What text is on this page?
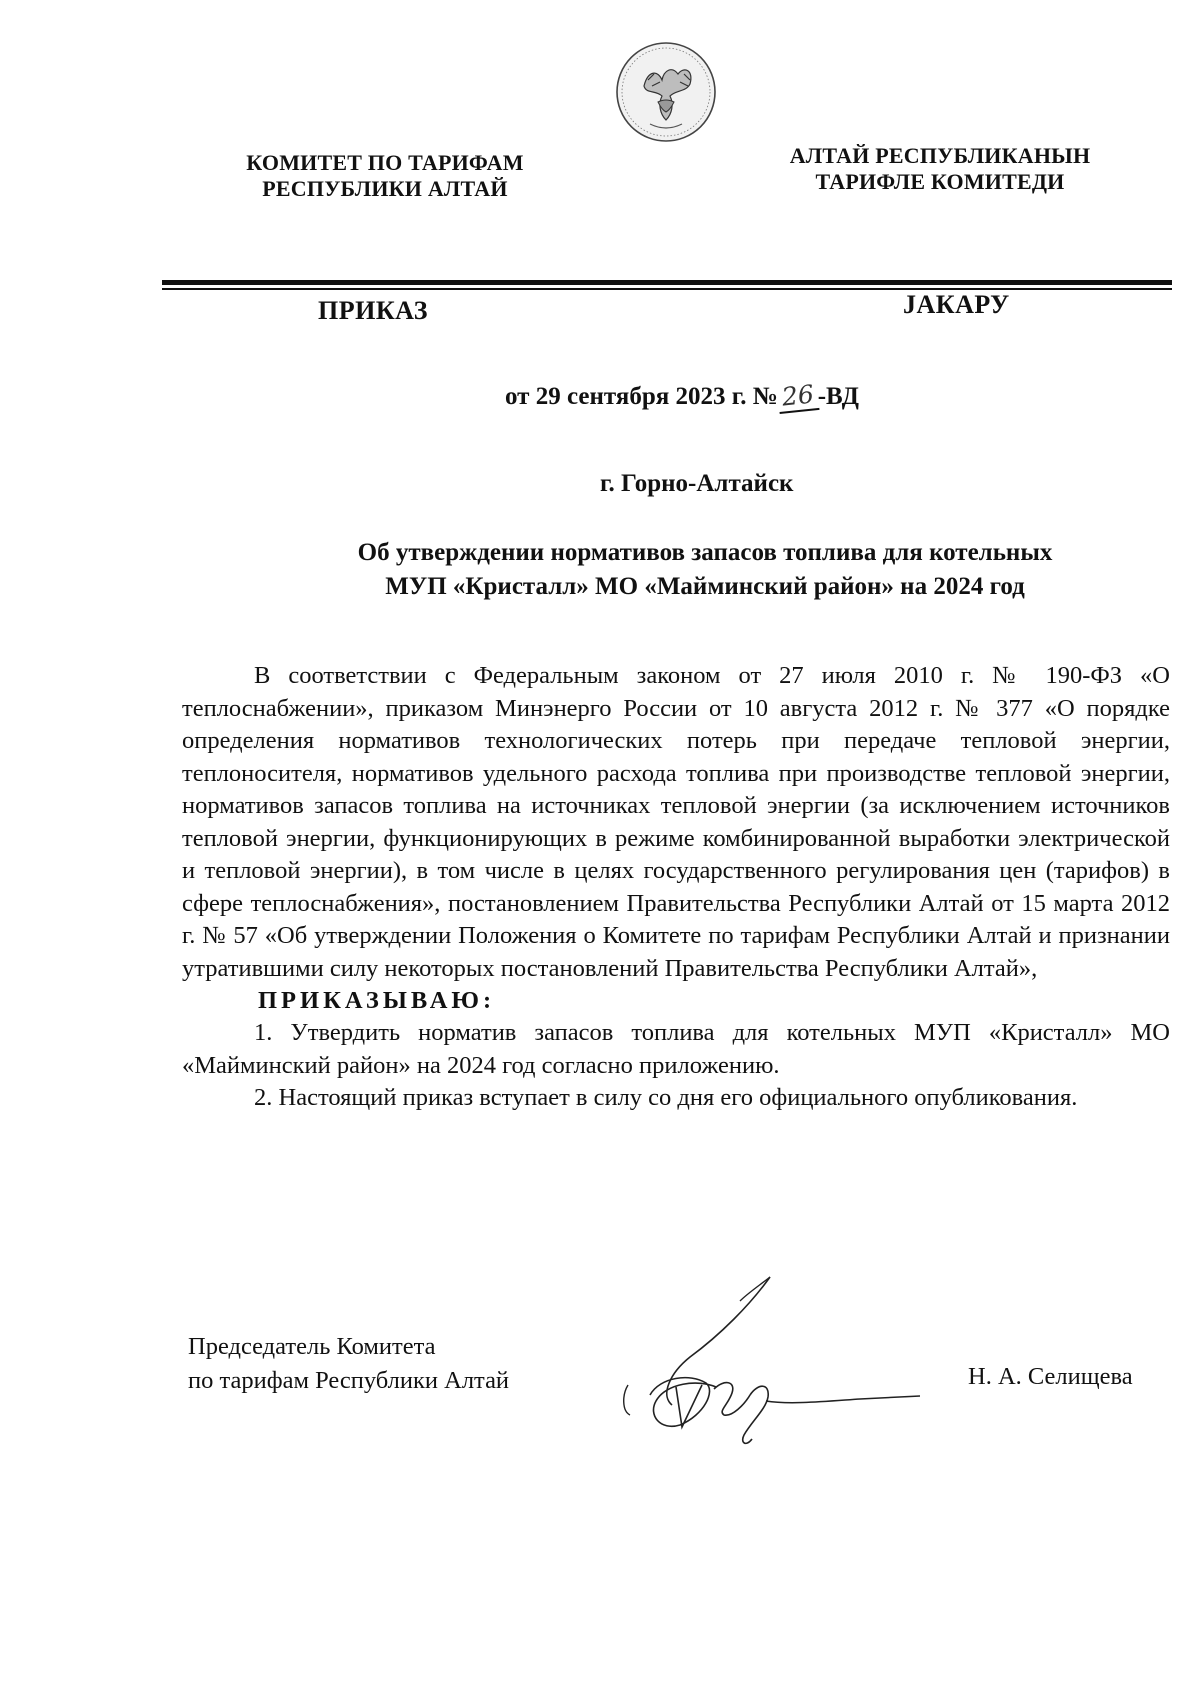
КОМИТЕТ ПО ТАРИФАМ
РЕСПУБЛИКИ АЛТАЙ
АЛТАЙ РЕСПУБЛИКАНЫН
ТАРИФЛЕ КОМИТЕДИ
ПРИКАЗ	JАКАРУ
от 29 сентября 2023 г. №26 -ВД
г. Горно-Алтайск
Об утверждении нормативов запасов топлива для котельных
МУП «Кристалл» МО «Майминский район» на 2024 год

В соответствии с Федеральным законом от 27 июля 2010 г. № 190-ФЗ «О теплоснабжении», приказом Минэнерго России от 10 августа 2012 г. № 377 «О порядке определения нормативов технологических потерь при передаче тепловой энергии, теплоносителя, нормативов удельного расхода топлива при производстве тепловой энергии, нормативов запасов топлива на источниках тепловой энергии (за исключением источников тепловой энергии, функционирующих в режиме комбинированной выработки электрической и тепловой энергии), в том числе в целях государственного регулирования цен (тарифов) в сфере теплоснабжения», постановлением Правительства Республики Алтай от 15 марта 2012 г. № 57 «Об утверждении Положения о Комитете по тарифам Республики Алтай и признании утратившими силу некоторых постановлений Правительства Республики Алтай»,

ПРИКАЗЫВАЮ:

1. Утвердить норматив запасов топлива для котельных МУП «Кристалл» МО «Майминский район» на 2024 год согласно приложению.

2. Настоящий приказ вступает в силу со дня его официального опубликования.

Председатель Комитета
по тарифам Республики Алтай	Н. А. Селищева
